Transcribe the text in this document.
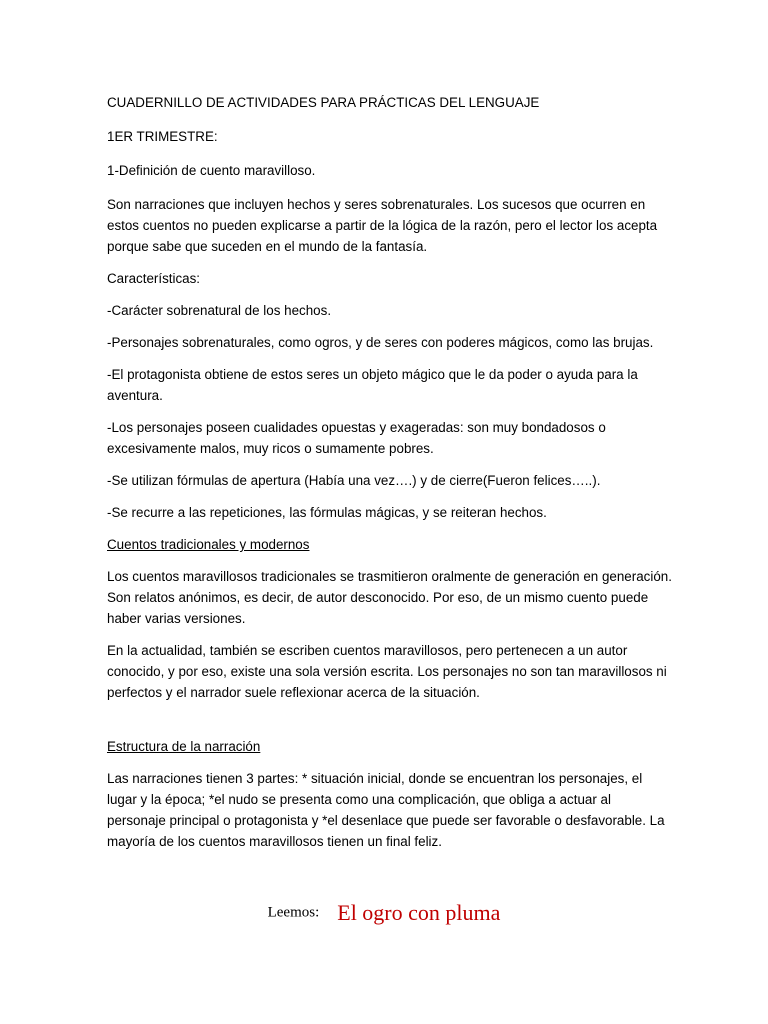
CUADERNILLO DE ACTIVIDADES PARA PRÁCTICAS DEL LENGUAJE

1ER TRIMESTRE:

1-Definición de cuento maravilloso.

Son narraciones que incluyen hechos y seres sobrenaturales. Los sucesos que ocurren en estos cuentos no pueden explicarse a partir de la lógica de la razón, pero el lector los acepta porque sabe que suceden en el mundo de la fantasía.

Características:

-Carácter sobrenatural de los hechos.

-Personajes sobrenaturales, como ogros, y de seres con poderes mágicos, como las brujas.

-El protagonista obtiene de estos seres un objeto mágico que le da poder o ayuda para la aventura.

-Los personajes poseen cualidades opuestas y exageradas: son muy bondadosos o excesivamente malos, muy ricos o sumamente pobres.

-Se utilizan fórmulas de apertura (Había una vez….) y de cierre(Fueron felices…..).

-Se recurre a las repeticiones, las fórmulas mágicas, y se reiteran hechos.

Cuentos tradicionales y modernos

Los cuentos maravillosos tradicionales se trasmitieron oralmente de generación en generación. Son relatos anónimos, es decir, de autor desconocido. Por eso, de un mismo cuento puede haber varias versiones.

En la actualidad, también se escriben cuentos maravillosos, pero pertenecen a un autor conocido, y por eso, existe una sola versión escrita. Los personajes no son tan maravillosos ni perfectos y el narrador suele reflexionar acerca de la situación.

Estructura de la narración

Las narraciones tienen 3 partes: * situación inicial, donde se encuentran los personajes, el lugar y la época; *el nudo se presenta como una complicación, que obliga a actuar al personaje principal o protagonista y *el desenlace que puede ser favorable o desfavorable. La mayoría de los cuentos maravillosos tienen un final feliz.

Leemos: El ogro con pluma
